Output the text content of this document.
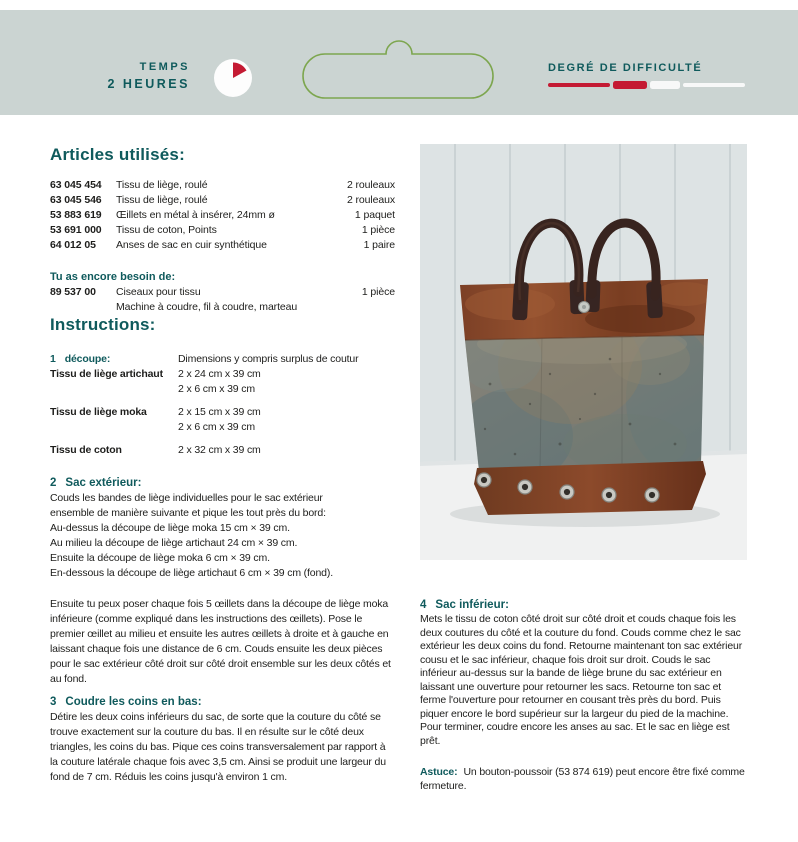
TEMPS
2 HEURES
DEGRÉ DE DIFFICULTÉ
Articles utilisés:
63 045 454	Tissu de liège, roulé	2 rouleaux
63 045 546	Tissu de liège, roulé	2 rouleaux
53 883 619	Œillets en métal à insérer, 24mm ø	1 paquet
53 691 000	Tissu de coton, Points	1 pièce
64 012 05	Anses de sac en cuir synthétique	1 paire
Tu as encore besoin de:
89 537 00	Ciseaux pour tissu	1 pièce
Machine à coudre, fil à coudre, marteau
Instructions:
1 découpe:	Dimensions y compris surplus de coutur
Tissu de liège artichaut	2 x 24 cm x 39 cm
2 x 6 cm x 39 cm
Tissu de liège moka	2 x 15 cm x 39 cm
2 x 6 cm x 39 cm
Tissu de coton	2 x 32 cm x 39 cm
2 Sac extérieur:
Couds les bandes de liège individuelles pour le sac extérieur
ensemble de manière suivante et pique les tout près du bord:
Au-dessus la découpe de liège moka 15 cm × 39 cm.
Au milieu la découpe de liège artichaut 24 cm × 39 cm.
Ensuite la découpe de liège moka 6 cm × 39 cm.
En-dessous la découpe de liège artichaut 6 cm × 39 cm (fond).
Ensuite tu peux poser chaque fois 5 œillets dans la découpe de liège moka inférieure (comme expliqué dans les instructions des œillets). Pose le premier œillet au milieu et ensuite les autres œillets à droite et à gauche en laissant chaque fois une distance de 6 cm. Couds ensuite les deux pièces pour le sac extérieur côté droit sur côté droit ensemble sur les deux côtés et au fond.
3 Coudre les coins en bas:
Détire les deux coins inférieurs du sac, de sorte que la couture du côté se trouve exactement sur la couture du bas. Il en résulte sur le côté deux triangles, les coins du bas. Pique ces coins transversalement par rapport à la couture latérale chaque fois avec 3,5 cm. Ainsi se produit une largeur du fond de 7 cm. Réduis les coins jusqu'à environ 1 cm.
4 Sac inférieur:
Mets le tissu de coton côté droit sur côté droit et couds chaque fois les deux coutures du côté et la couture du fond. Couds comme chez le sac extérieur les deux coins du fond. Retourne maintenant ton sac extérieur cousu et le sac inférieur, chaque fois droit sur droit. Couds le sac inférieur au-dessus sur la bande de liège brune du sac extérieur en laissant une ouverture pour retourner les sacs. Retourne ton sac et ferme l'ouverture pour retourner en cousant très près du bord. Puis piquer encore le bord supérieur sur la largeur du pied de la machine. Pour terminer, coudre encore les anses au sac. Et le sac en liège est prêt.
Astuce: Un bouton-poussoir (53 874 619) peut encore être fixé comme fermeture.
